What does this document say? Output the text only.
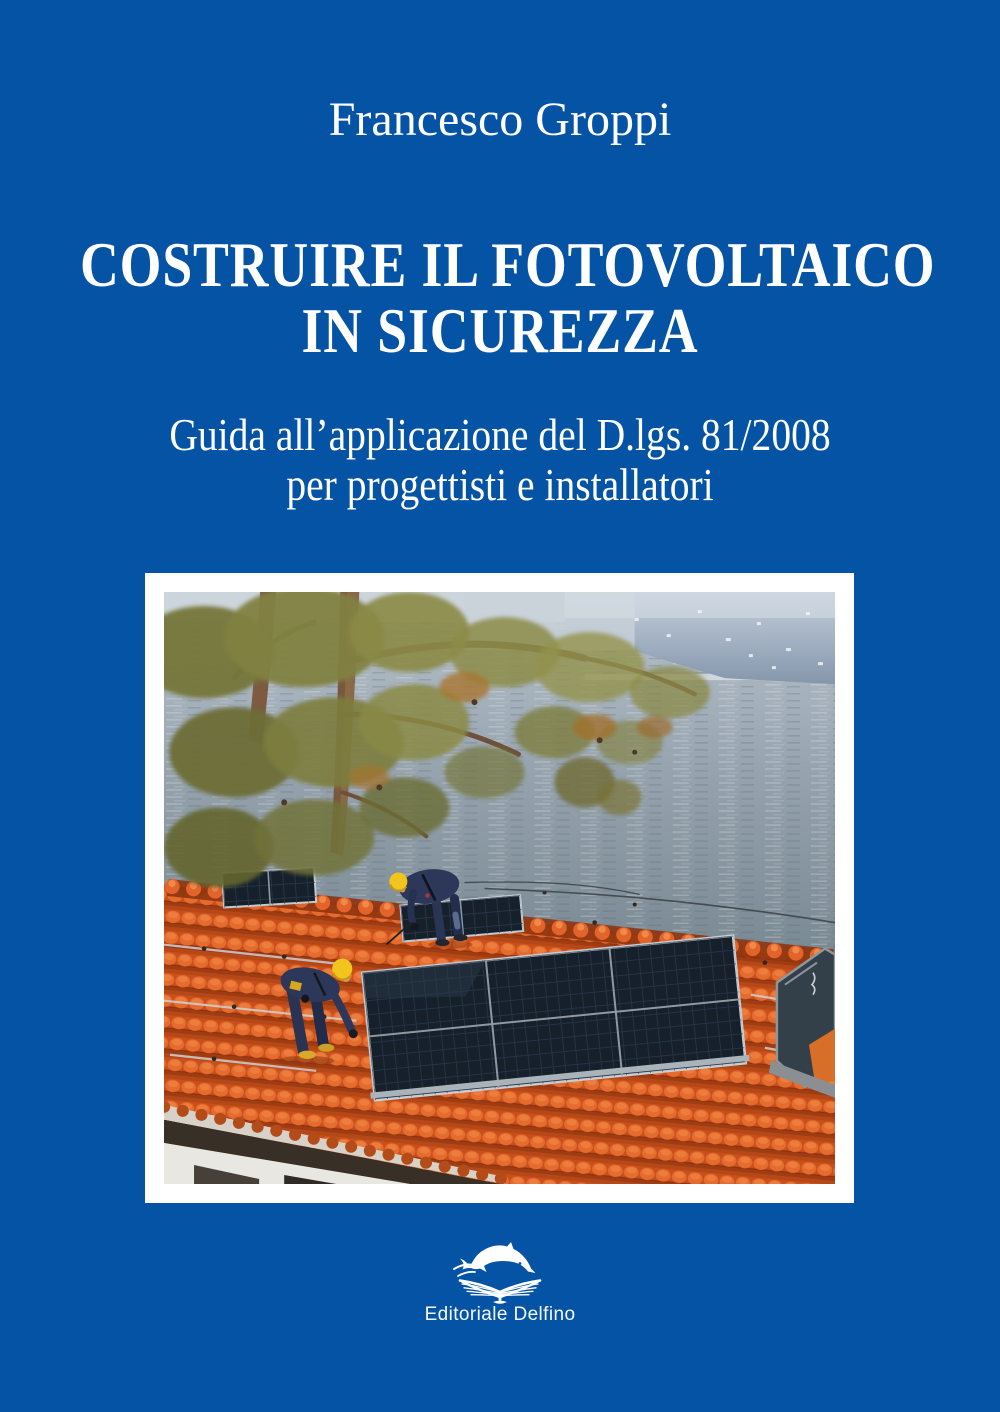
Francesco Groppi
COSTRUIRE IL FOTOVOLTAICO
IN SICUREZZA
Guida all’applicazione del D.lgs. 81/2008
per progettisti e installatori
Editoriale Delfino
